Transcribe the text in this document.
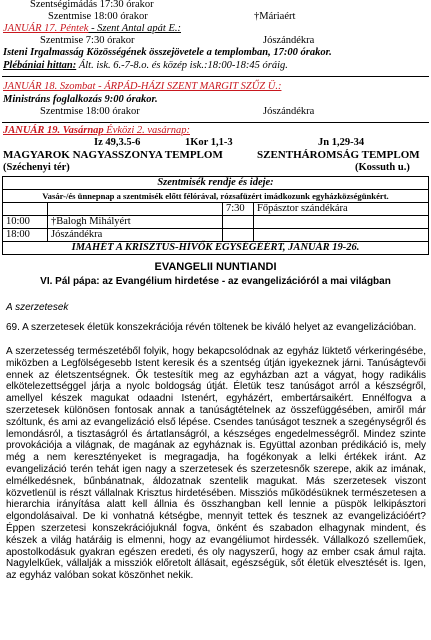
Szentségimádás 17:30 órakor
Szentmise 18:00 órakor	†Máriaért
JANUÁR 17. Péntek - Szent Antal apát E.:
Szentmise 7:30 órakor	Jószándékra
Isteni Irgalmasság Közösségének összejövetele a templomban, 17:00 órakor.
Plébániai hittan: Ált. isk. 6.-7-8.o. és közép isk.:18:00-18:45 óráig.
JANUÁR 18. Szombat - ÁRPÁD-HÁZI SZENT MARGIT SZŰZ Ü.:
Ministráns foglalkozás 9:00 órakor.
Szentmise 18:00 órakor	Jószándékra
JANUÁR 19. Vasárnap Évközi 2. vasárnap:
Iz 49,3.5-6	1Kor 1,1-3	Jn 1,29-34
MAGYAROK NAGYASSZONYA TEMPLOM	SZENTHÁROMSÁG TEMPLOM
(Széchenyi tér)	(Kossuth u.)
Szentmisék rendje és ideje:			
Vasár-/és ünnepnap a szentmisék előtt félórával, rózsafüzért imádkozunk egyházközségünkért.			
		7:30	Főpásztor szándékára
10:00	†Balogh Mihályért		
18:00	Jószándékra		
IMAHÉT A KRISZTUS-HÍVŐK EGYSÉGÉÉRT, JANUÁR 19-26.			
EVANGELII NUNTIANDI
VI. Pál pápa: az Evangélium hirdetése - az evangelizációról a mai világban
A szerzetesek
69. A szerzetesek életük konszekrációja révén töltenek be kiváló helyet az evangelizációban.
A szerzetesség természetéből folyik, hogy bekapcsolódnak az egyház lüktető vérkeringésébe, miközben a Legfölségesebb Istent keresik és a szentség útján igyekeznek járni. Tanúságtevői ennek az életszentségnek. Ők testesítik meg az egyházban azt a vágyat, hogy radikális elkötelezettséggel járja a nyolc boldogság útját. Életük tesz tanúságot arról a készségről, amellyel készek magukat odaadni Istenért, egyházért, embertársaikért. Ennélfogva a szerzetesek különösen fontosak annak a tanúságtételnek az összefüggésében, amiről már szóltunk, és ami az evangelizáció első lépése. Csendes tanúságot tesznek a szegénységről és lemondásról, a tisztaságról és ártatlanságról, a készséges engedelmességről. Mindez szinte provokációja a világnak, de magának az egyháznak is. Együttal azonban prédikáció is, mely még a nem keresztényeket is megragadja, ha fogékonyak a lelki értékek iránt. Az evangelizáció terén tehát igen nagy a szerzetesek és szerzetesnők szerepe, akik az imának, elmélkedésnek, bűnbánatnak, áldozatnak szentelik magukat. Más szerzetesek viszont közvetlenül is részt vállalnak Krisztus hirdetésében. Missziós működésüknek természetesen a hierarchia irányítása alatt kell állnia és összhangban kell lennie a püspök lelkipásztori elgondolásaival. De ki vonhatná kétségbe, mennyit tettek és tesznek az evangelizációért? Éppen szerzetesi konszekrációjuknál fogva, önként és szabadon elhagynak mindent, és készek a világ határáig is elmenni, hogy az evangéliumot hirdessék. Vállalkozó szelleműek, apostolkodásuk gyakran egészen eredeti, és oly nagyszerű, hogy az ember csak ámul rajta. Nagylelkűek, vállalják a missziók előretolt állásait, egészségük, sőt életük elvesztését is. Igen, az egyház valóban sokat köszönhet nekik.
